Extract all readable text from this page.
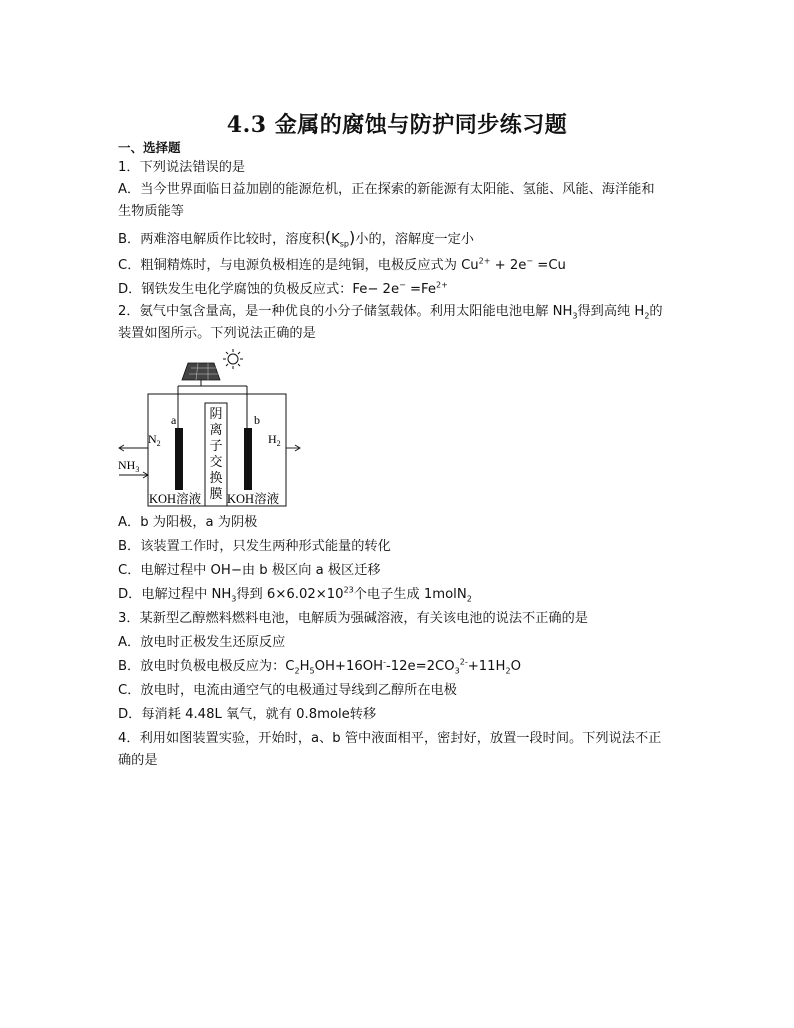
4.3 金属的腐蚀与防护同步练习题
一、选择题
1．下列说法错误的是
A．当今世界面临日益加剧的能源危机，正在探索的新能源有太阳能、氢能、风能、海洋能和
生物质能等
B．两难溶电解质作比较时，溶度积$(K_{sp})$小的，溶解度一定小
C．粗铜精炼时，与电源负极相连的是纯铜，电极反应式为 $Cu^{2+} + 2e^- =Cu$
D．钢铁发生电化学腐蚀的负极反应式：$Fe- 2e^- =Fe^{2+}$
2．氨气中氢含量高，是一种优良的小分子储氢载体。利用太阳能电池电解 $NH_3$得到高纯 $H_2$的
装置如图所示。下列说法正确的是
a	b
阴
离
子
交
换
膜
$N_2$
$NH_3$
$H_2$
KOH溶液 KOH溶液
A．b 为阳极，a 为阴极
B．该装置工作时，只发生两种形式能量的转化
C．电解过程中 OH−由 b 极区向 a 极区迁移
D．电解过程中 $NH_3$得到 $6\times 6.02\times 10^{23}$个电子生成 1molN$_2$
3．某新型乙醇燃料燃料电池，电解质为强碱溶液，有关该电池的说法不正确的是
A．放电时正极发生还原反应
B．放电时负极电极反应为：$C_2H_5OH+16OH^--12e=2CO_3^{2-}+11H_2O$
C．放电时，电流由通空气的电极通过导线到乙醇所在电极
D．每消耗 4.48L 氧气，就有 0.8mole转移
4．利用如图装置实验，开始时，a、b 管中液面相平，密封好，放置一段时间。下列说法不正
确的是
